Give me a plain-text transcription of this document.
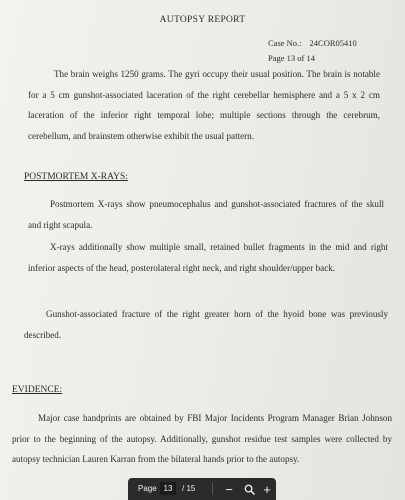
AUTOPSY REPORT
Case No.: 24COR05410
Page 13 of 14

The brain weighs 1250 grams. The gyri occupy their usual position. The brain is notable for a 5 cm gunshot-associated laceration of the right cerebellar hemisphere and a 5 x 2 cm laceration of the inferior right temporal lobe; multiple sections through the cerebrum, cerebellum, and brainstem otherwise exhibit the usual pattern.

POSTMORTEM X-RAYS:

Postmortem X-rays show pneumocephalus and gunshot-associated fractures of the skull and right scapula.

X-rays additionally show multiple small, retained bullet fragments in the mid and right inferior aspects of the head, posterolateral right neck, and right shoulder/upper back.

Gunshot-associated fracture of the right greater horn of the hyoid bone was previously described.

EVIDENCE:

Major case handprints are obtained by FBI Major Incidents Program Manager Brian Johnson prior to the beginning of the autopsy. Additionally, gunshot residue test samples were collected by autopsy technician Lauren Karran from the bilateral hands prior to the autopsy.

Page
13	/ 15 − +
